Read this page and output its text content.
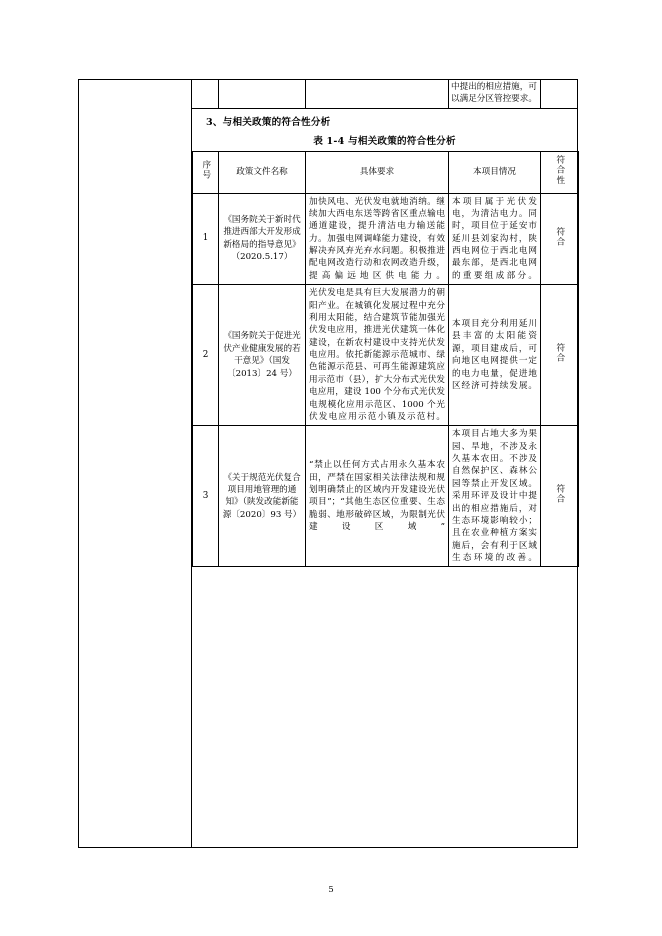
			中提出的相应措施，可以满足分区管控要求。	
3、与相关政策的符合性分析
表 1-4 与相关政策的符合性分析
序号	政策文件名称	具体要求	本项目情况	符合性
1	《国务院关于新时代推进西部大开发形成新格局的指导意见》（2020.5.17）	加快风电、光伏发电就地消纳。继续加大西电东送等跨省区重点输电通道建设，提升清洁电力输送能力。加强电网调峰能力建设，有效解决弃风弃光弃水问题。积极推进配电网改造行动和农网改造升级，提高偏远地区供电能力。	本项目属于光伏发电，为清洁电力。同时，项目位于延安市延川县刘家沟村，陕西电网位于西北电网最东部，是西北电网的重要组成部分。	符合
2	《国务院关于促进光伏产业健康发展的若干意见》（国发〔2013〕24 号）	光伏发电是具有巨大发展潜力的朝阳产业。在城镇化发展过程中充分利用太阳能，结合建筑节能加强光伏发电应用，推进光伏建筑一体化建设，在新农村建设中支持光伏发电应用。依托新能源示范城市、绿色能源示范县、可再生能源建筑应用示范市（县），扩大分布式光伏发电应用，建设 100 个分布式光伏发电规模化应用示范区、1000 个光伏发电应用示范小镇及示范村。	本项目充分利用延川县丰富的太阳能资源，项目建成后，可向地区电网提供一定的电力电量，促进地区经济可持续发展。	符合
3	《关于规范光伏复合项目用地管理的通知》（陕发改能新能源〔2020〕93 号）	“禁止以任何方式占用永久基本农田，严禁在国家相关法律法规和规划明确禁止的区域内开发建设光伏项目”；“其他生态区位重要、生态脆弱、地形破碎区域，为限制光伏建设区域”	本项目占地大多为果园、旱地，不涉及永久基本农田。不涉及自然保护区、森林公园等禁止开发区域。采用环评及设计中提出的相应措施后，对生态环境影响较小；且在农业种植方案实施后，会有利于区域生态环境的改善。	符合
5
